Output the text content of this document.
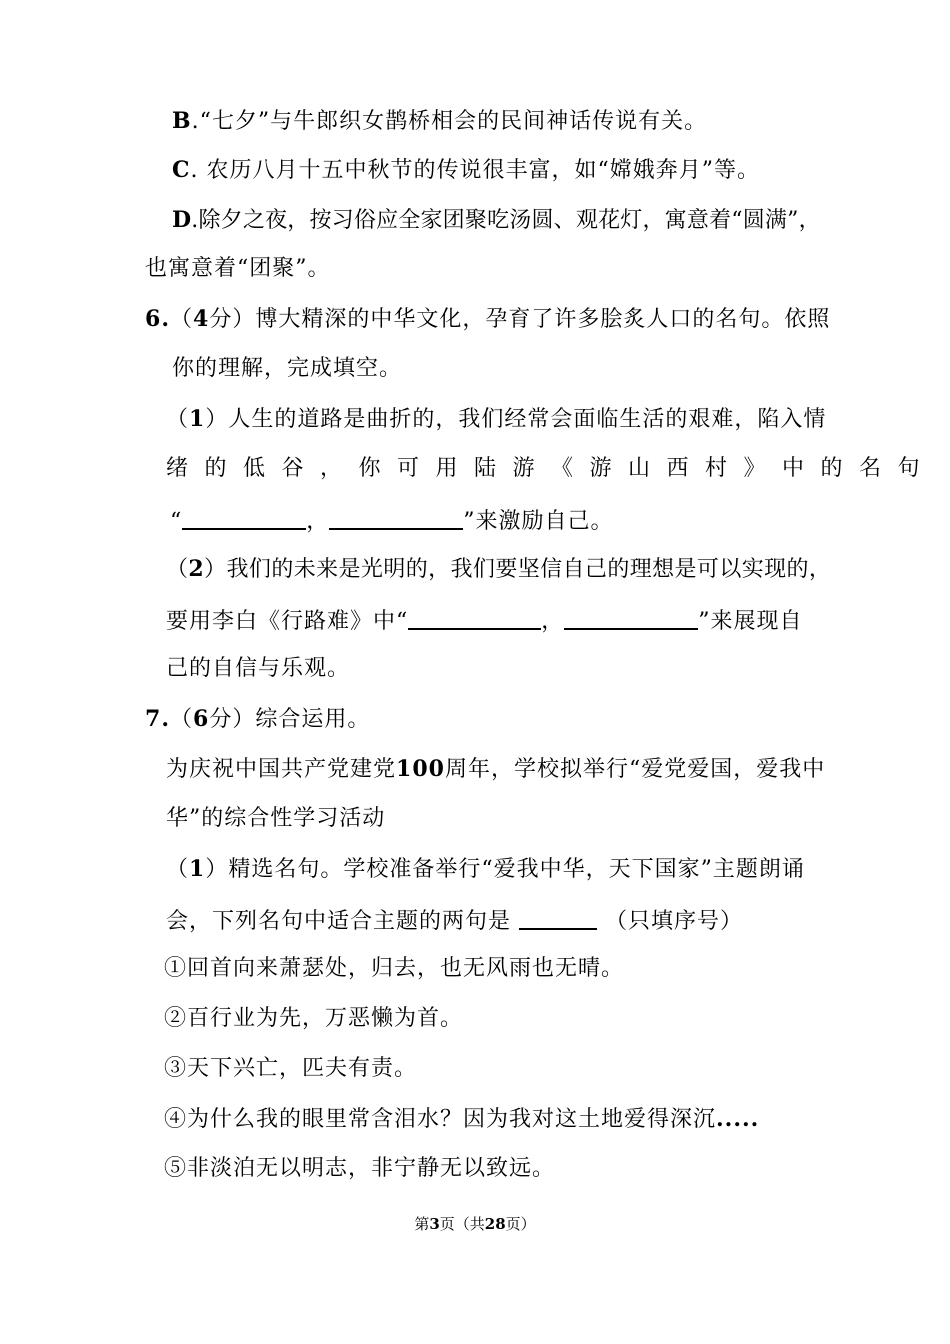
B.“七夕”与牛郎织女鹊桥相会的民间神话传说有关。
C. 农历八月十五中秋节的传说很丰富，如“嫦娥奔月”等。
D.除夕之夜，按习俗应全家团聚吃汤圆、观花灯，寓意着“圆满”，
也寓意着“团聚”。
6.（4分）博大精深的中华文化，孕育了许多脍炙人口的名句。依照
你的理解，完成填空。
（1）人生的道路是曲折的，我们经常会面临生活的艰难，陷入情
绪的低谷，你可用陆游《游山西村》中的名句
“	，	”来激励自己。
（2）我们的未来是光明的，我们要坚信自己的理想是可以实现的，
要用李白《行路难》中“	，	”来展现自
己的自信与乐观。
7.（6分）综合运用。
为庆祝中国共产党建党100周年，学校拟举行“爱党爱国，爱我中
华”的综合性学习活动
（1）精选名句。学校准备举行“爱我中华，天下国家”主题朗诵
会，下列名句中适合主题的两句是	（只填序号）
①回首向来萧瑟处，归去，也无风雨也无晴。
②百行业为先，万恶懒为首。
③天下兴亡，匹夫有责。
④为什么我的眼里常含泪水？因为我对这土地爱得深沉.....
⑤非淡泊无以明志，非宁静无以致远。
第3页（共28页）
